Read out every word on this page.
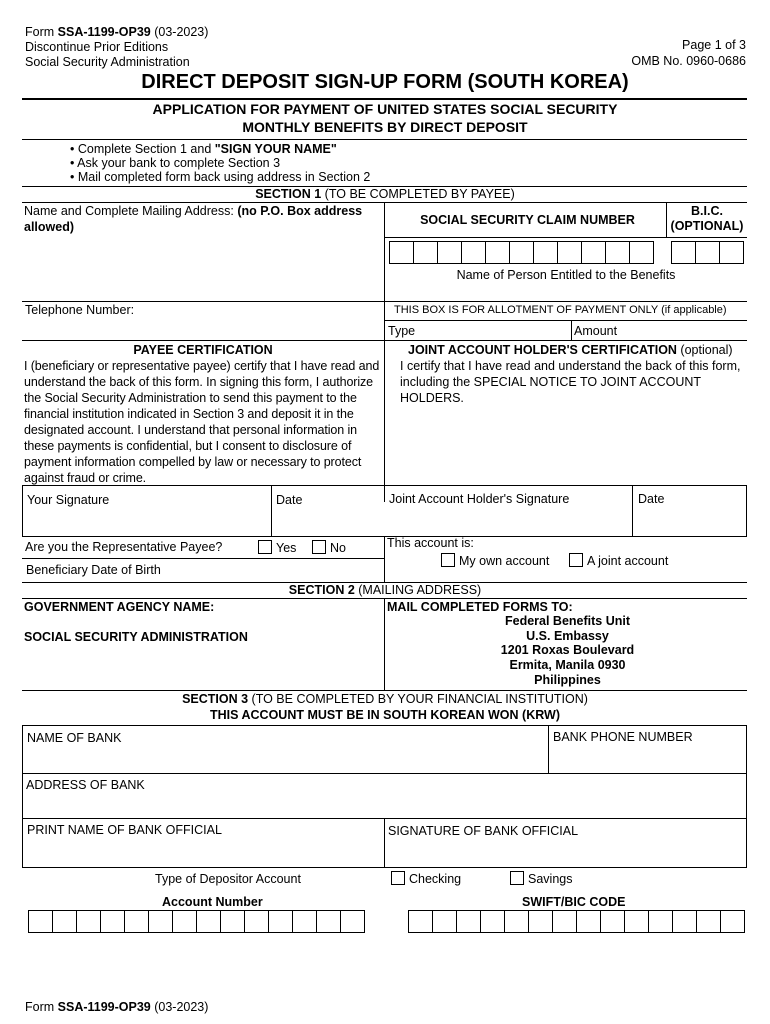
Form SSA-1199-OP39 (03-2023)
Discontinue Prior Editions
Social Security Administration
Page 1 of 3
OMB No. 0960-0686
DIRECT DEPOSIT SIGN-UP FORM (SOUTH KOREA)
APPLICATION FOR PAYMENT OF UNITED STATES SOCIAL SECURITY
MONTHLY BENEFITS BY DIRECT DEPOSIT
• Complete Section 1 and "SIGN YOUR NAME"
• Ask your bank to complete Section 3
• Mail completed form back using address in Section 2
SECTION 1 (TO BE COMPLETED BY PAYEE)
Name and Complete Mailing Address: (no P.O. Box address allowed)	SOCIAL SECURITY CLAIM NUMBER
B.I.C.
(OPTIONAL)
Name of Person Entitled to the Benefits
Telephone Number:	THIS BOX IS FOR ALLOTMENT OF PAYMENT ONLY (if applicable)
Type	Amount
PAYEE CERTIFICATION
I (beneficiary or representative payee) certify that I have read and understand the back of this form. In signing this form, I authorize the Social Security Administration to send this payment to the financial institution indicated in Section 3 and deposit it in the designated account. I understand that personal information in these payments is confidential, but I consent to disclosure of payment information compelled by law or necessary to protect against fraud or crime.
JOINT ACCOUNT HOLDER'S CERTIFICATION (optional)
I certify that I have read and understand the back of this form, including the SPECIAL NOTICE TO JOINT ACCOUNT HOLDERS.
Your Signature	Date	Joint Account Holder's Signature	Date
Are you the Representative Payee?	Yes	No
Beneficiary Date of Birth
This account is:
My own account	A joint account
SECTION 2 (MAILING ADDRESS)
GOVERNMENT AGENCY NAME:
SOCIAL SECURITY ADMINISTRATION
MAIL COMPLETED FORMS TO:
Federal Benefits Unit
U.S. Embassy
1201 Roxas Boulevard
Ermita, Manila 0930
Philippines
SECTION 3 (TO BE COMPLETED BY YOUR FINANCIAL INSTITUTION)
THIS ACCOUNT MUST BE IN SOUTH KOREAN WON (KRW)
NAME OF BANK	BANK PHONE NUMBER
ADDRESS OF BANK
PRINT NAME OF BANK OFFICIAL	SIGNATURE OF BANK OFFICIAL
Type of Depositor Account	Checking	Savings
Account Number	SWIFT/BIC CODE
Form SSA-1199-OP39 (03-2023)
